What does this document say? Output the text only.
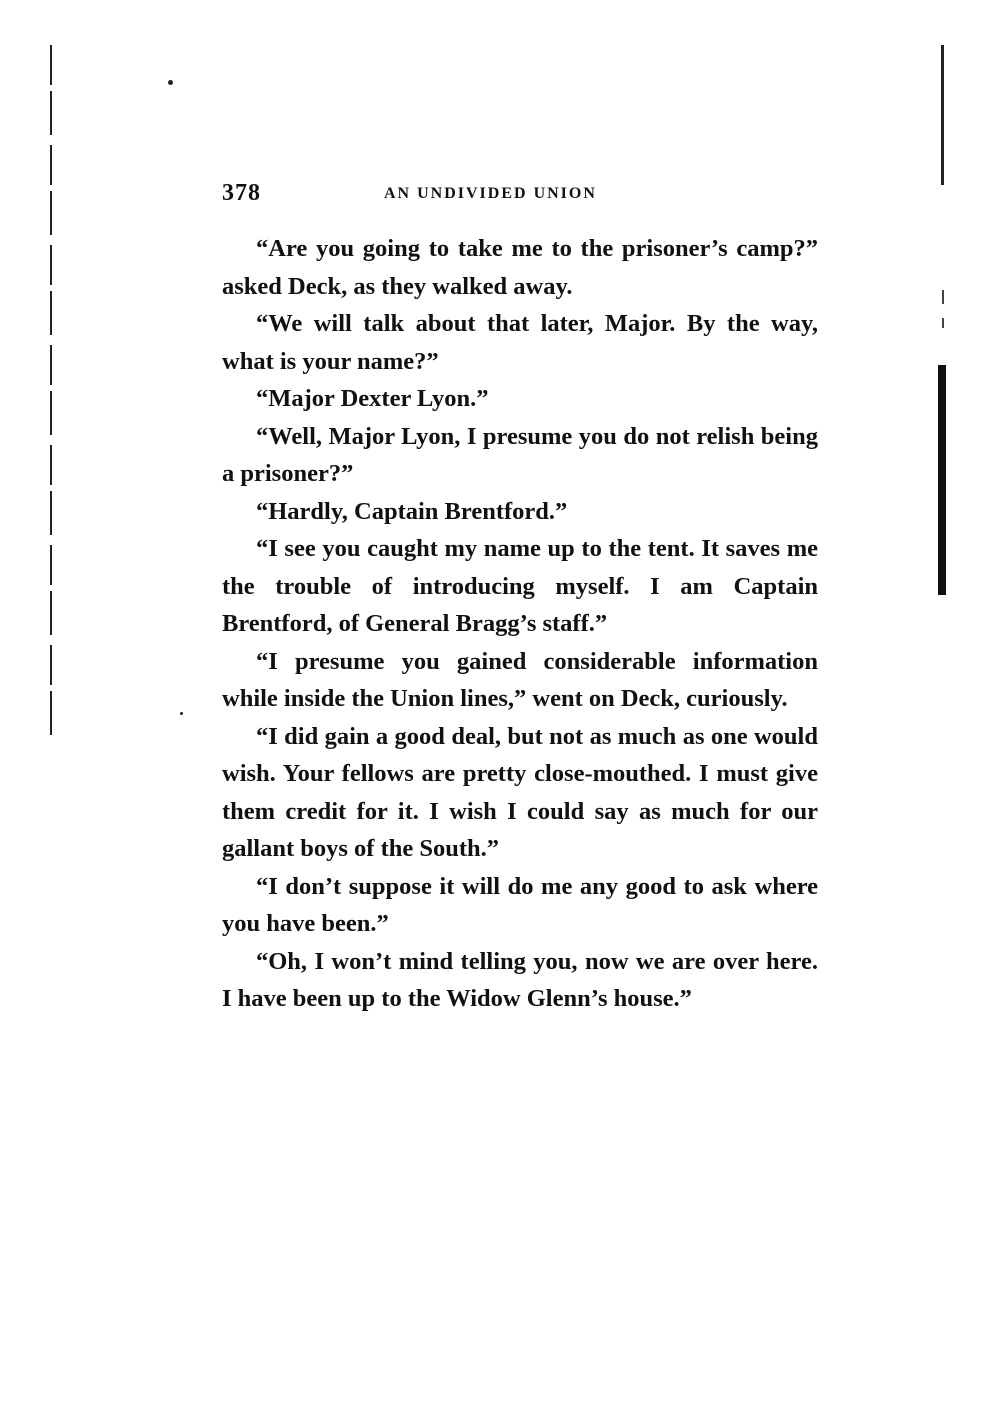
378	AN UNDIVIDED UNION

“Are you going to take me to the prisoner’s camp?” asked Deck, as they walked away.

“We will talk about that later, Major. By the way, what is your name?”

“Major Dexter Lyon.”

“Well, Major Lyon, I presume you do not relish being a prisoner?”

“Hardly, Captain Brentford.”

“I see you caught my name up to the tent. It saves me the trouble of introducing myself. I am Captain Brentford, of General Bragg’s staff.”

“I presume you gained considerable information while inside the Union lines,” went on Deck, curiously.

“I did gain a good deal, but not as much as one would wish. Your fellows are pretty close-mouthed. I must give them credit for it. I wish I could say as much for our gallant boys of the South.”

“I don’t suppose it will do me any good to ask where you have been.”

“Oh, I won’t mind telling you, now we are over here. I have been up to the Widow Glenn’s house.”
